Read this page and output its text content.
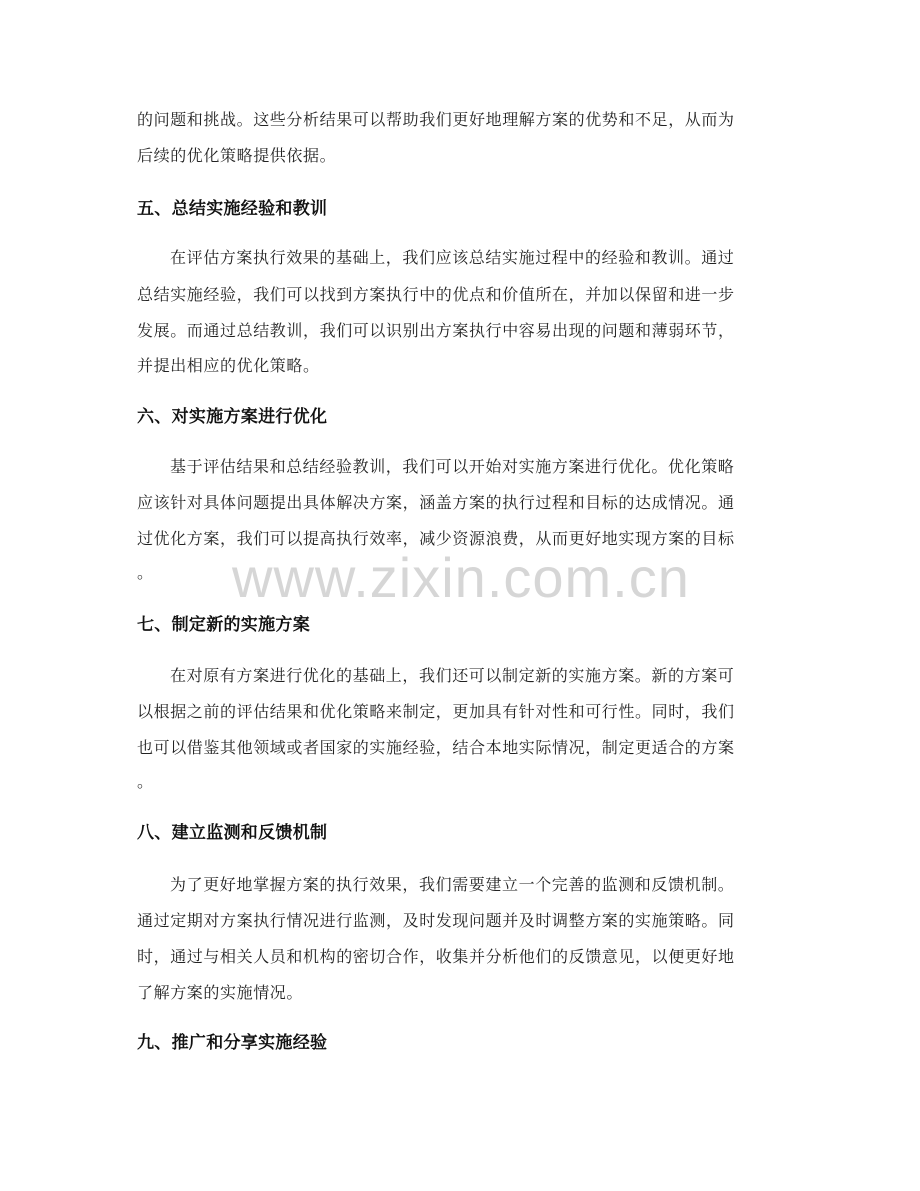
的问题和挑战。这些分析结果可以帮助我们更好地理解方案的优势和不足，从而为
后续的优化策略提供依据。
五、总结实施经验和教训
在评估方案执行效果的基础上，我们应该总结实施过程中的经验和教训。通过
总结实施经验，我们可以找到方案执行中的优点和价值所在，并加以保留和进一步
发展。而通过总结教训，我们可以识别出方案执行中容易出现的问题和薄弱环节，
并提出相应的优化策略。
六、对实施方案进行优化
基于评估结果和总结经验教训，我们可以开始对实施方案进行优化。优化策略
应该针对具体问题提出具体解决方案，涵盖方案的执行过程和目标的达成情况。通
过优化方案，我们可以提高执行效率，减少资源浪费，从而更好地实现方案的目标
。
七、制定新的实施方案
在对原有方案进行优化的基础上，我们还可以制定新的实施方案。新的方案可
以根据之前的评估结果和优化策略来制定，更加具有针对性和可行性。同时，我们
也可以借鉴其他领域或者国家的实施经验，结合本地实际情况，制定更适合的方案
。
八、建立监测和反馈机制
为了更好地掌握方案的执行效果，我们需要建立一个完善的监测和反馈机制。
通过定期对方案执行情况进行监测，及时发现问题并及时调整方案的实施策略。同
时，通过与相关人员和机构的密切合作，收集并分析他们的反馈意见，以便更好地
了解方案的实施情况。
九、推广和分享实施经验
www.zixin.com.cn
